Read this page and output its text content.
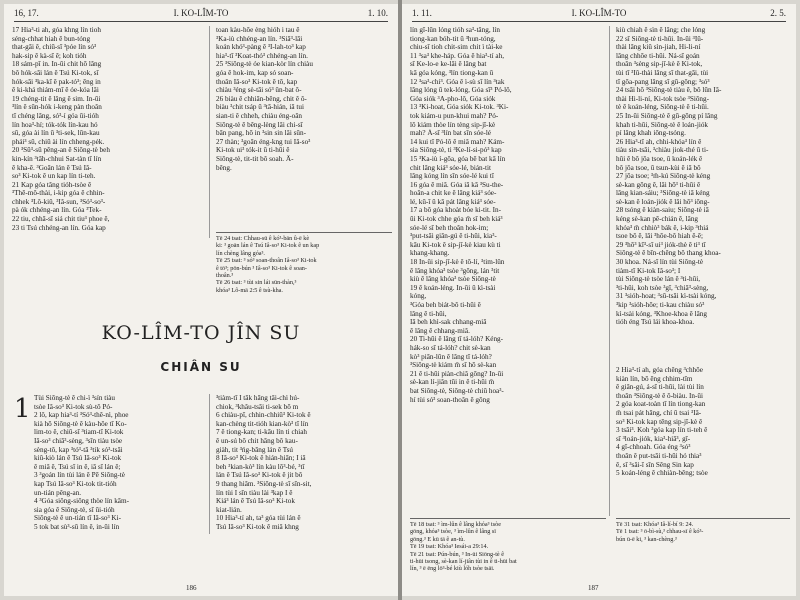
16, 17.	I. KO-LÎM-TO	1. 10.

17 Hia³-ti ah, góa khng lín tioh

séng-chhat hiah ê bun-tóng

that-gāi ê, chiū-sī ³póe lín só³

hak-sip ê kà-sī ê; koh tióh

18 sám-pī in. In-ūi chit hō lâng

bô hók-sāi lán ê Tsú Ki-tok, sī

hók-sāi ³ka-kī ê pak-tó³; ēng in

ê ki-khá thiám-mī ê óe-kóa lâi

19 chéng-tit ê lâng ê sim. In-ūi

³lín ê sūn-hók i-keng pàn thoân

tī chéng lâng, só³-í góa ūi-tióh

lín hoa³-hí; tók-tók lín-kau hó

sū, góa ài lín ū ³ti-sek, lūn-kau

phái³ sū, chiū ài lín chheng-pėk.

20 ³Sū³-sū pêng-an ê Siōng-tè beh

kin-kín ³tāh-chhui Sat-tàn tī lín

ê kha-ē. ³Goān lán ê Tsú Iâ-

so³ Ki-tok ê un kap lín ti-teh.

21 Kap góa tâng tióh-tsòe ê

³Thê-mô-thài, i-kip góa ê chhin-

chhek ³Lô-kiû, ³Iâ-sun, ³Só³-so³-

pà ók chhéng-an lín. Góa ³Tek-

22 tiu, chhā-sī siá chit tiu³ phoe ê,

23 ti Tsú chhéng-an lín. Góa kap

toan kàu-hōe èng hióh i tau ê

³Ka-iù chhéng-an lín. ³Siā³-lāi

koán khó³-pàng ê ³I-lah-to³ kap

hia³-tī ³Koat-thó³ chhéng-an lín.

25 ³Siōng-tè óe kian-kòr lín chiàu

góa ê hok-im, kap só soan-

thoân Iâ-so³ Ki-tok ê tō, kap

chiàu ³éng sè-tāi só³ ûn-bat ô-

26 biàu ê chhiān-bêng, chit ê ô-

biàu ³chit tsáp ū ³tā-hián, iā tui

sian-ti ê chheh, chiàu éng-oân

Siōng-tè ê bêng-lèng lâi chi-sī

bān pang, hō in ³sin sin lâi sūn-

27 thàn; ³goān éng-kng tui Iâ-so³

Ki-tok ui³ tók-it ū ti-hūi ê

Siōng-tè, tit-tit bô soah. Â-

bêng.

Tē 24 tsat: Chhau-sū ê kó³-bān û-ē kè

ki: ³ goān lán ê Tsú Iâ-so³ Ki-tok ê un kap

lín chèng lâng góa³.

Tē 25 tsat: ³ só³ soan-thoân Iâ-so³ Ki-tok

ê tō³; pōn-bún ³ Iâ-so³ Ki-tok ê soan-

thoân.³

Tē 26 tsat: ³ tùi sin lái sūn-thàn,³

khóa³ Lô-mā 2:5 ê tsù-kha.

KO-LÎM-TO JÎN SU
CHIÂN SU
1 Tùi Siōng-tè ê chi-ì ³sín tiàu

tsòe Iâ-so³ Ki-tok sù-tô Pó-

2 lô, kap hia³-tí ³Só³-thê-nì, phoe

kià hō Siōng-tè ê kàu-hōe tī Ko-

lim-to ê, chiū-sī ³tiam-tī Ki-tok

Iâ-so³ chiā³-sèng, ³sīn tiàu tsòe

sèng-tô, kap ³tó³-tā ³tik só³-tsāi

kiû-kiò lán ê Tsú Iâ-so³ Ki-tok

ê miâ ê, Tsú sī in ê, iā sī lán ê;

3 ³goán lín tùi lán ê Pē Siōng-tè

kap Tsú Iâ-so³ Ki-tok tit-tióh

un-tián pêng-an.

4 ³Góa siông-siông thòe lín kām-

sia góa ê Siōng-tè, sī ūi-tióh

Siōng-tè ê un-tián tī Iâ-so³ Ki-

5 tok bat sù³-sū lín ê, in-ūi lín

³tiàm-tī I tāk hāng tāi-chì hú-

chiok, ³khâu-tsāi ti-sek bō m

6 chiàu-pī, chhin-chhiū³ Ki-tok ê

kan-chèng tit-tióh kian-kò³ tī lín

7 ê tiong-kan; ti-kāu lín ti chiah

ê un-sú bō chit hāng bô kau-

giàh, tit ³ńg-bāng lán ê Tsú

8 Iâ-so³ Ki-tok ê hián-hiān; I iā

beh ³kian-kò³ lín kàu lō³-bé, ³tī

lán ê Tsú Iâ-so³ Ki-tok ê jit bô

9 thang hiâm. ³Siōng-tè sī sīn-sit,

lín tùi I sīn tiàu lài ³kap I ê

Kiá³ lán ê Tsú Iâ-so³ Ki-tok

kiat-lián.

10 Hia³-tí ah, ta³ góa tùi lán ê

Tsú Iâ-so³ Ki-tok ê miâ khng

186
1. 11.	I. KO-LÎM-TO	2. 5.

lín gī-lūn lóng tióh sa³-tâng, lín

tiong-kan bóh-tit ū ³hun-tóng,

chiu-sī tioh chit-sim chit ì tài-ke

11 ³sa³ khe-háp. Góa ê hia³-tí ah,

sī Ke-lo-e ke-lāi ê lâng bat

kā góa kóng, ³lín tiong-kan ū

12 ³sa³-chi³. Góa ê ì-sù sī lín ³tak

lâng lóng ū tek-lóng, Góa sī³ Pó-lô,

Góa siók ³A-pho-lô, Góa siók

13 ³Ki-hoat, Góa siók Ki-tok. ³Ki-

tok kiám-u pun-khui mah? Pó-

lô kiám thòe lín tèng sip-jī-kè

mah? Á-sī ³lín bat sīn sóe-lé

14 kui tī Pó-lô ê miâ mah? Kám-

sia Siōng-tè, ti ³Ke-lí-si-pó³ kap

15 ³Ka-iù í-gōa, góa bē bat kā lín

chit lâng kiá³ sóe-lé, bián-tit

lâng kóng lín sīn sóe-lé kui tī

16 góa ê miâ. Góa iā kā ³Su-the-

hoân-a chit ke ê lâng kiá³ sóe-

lé, kū-ī ū kā pát lâng kiá³ sóe-

17 a bô góa khoàt bóe ki-tit. In-

ūi Ki-tok chhe góa m̄ sī beh kiá³

sóe-lé sī beh thoân hok-im;

³put-tsāi giân-gú ê ti-hūi, kia³-

kāu Ki-tok ê sip-jī-kè kiau kù ti

khang-khang.

18 In-ūi sip-jī-kè ê tō-lí, ³tim-lûn

ê lâng khóa³ tsòe ³gōng, lán ³tit

kiù ê lâng khóa³ tsòe Siōng-tè

19 ê koán-léng. In-ūi ū kì-tsài

kóng,

³Góa beh biát-bô ti-hūi ê

lâng ê ti-hūi,

Iā beh khì-sak chhang-miâ

ê lâng ê chhang-miâ.

20 Ti-hūi ê lâng tī tá-lóh? Kéng-

hák-so sī tá-lóh? chit sè-kan

kò³ piān-lūn ê lâng tī tá-lóh?

³Siōng-tè kiám m̄ sī hō sè-kan

21 ê ti-hūi piàn-chiâ gōng? In-ūi

sè-kan lí-jiân tūi in ê ti-hūi m̄

bat Siōng-tè, Siōng-tè chiū hoa³-

hí tùi só³ soan-thoân ê gōng

kiù chiah ê sìn ê lâng; che lóng

22 sī Siōng-tè ti-hūi. In-ūi ³Iû-

thài lâng kiû sìn-jiah, Hi-li-ní

lâng chhōe ti-hūi. Ná-sī goán

thoân ³sèng sip-jī-kè ê Ki-tok,

tùi tī ³Iû-thài lâng sī that-gāi, tùi

tī gōa-pang lâng sī gū-gōng; ³só³

24 tsāi hō ³Siōng-tè tiàu ê, bô lūn Iâ-

thài Hi-li-ní, Ki-tok tsòe ³Siōng-

tè ê koán-léng, Siōng-tè ê ti-hūi.

25 In-ūi Siōng-tè ê gū-gōng pí lâng

khah ti-hūi, Siōng-tè ê loán-jiók

pí lâng khah iōng-tsóng.

26 Hia³-tī ah, chhi-khóa³ lín ê

tiàu sìn-tsāi, ³chiàu jiok-thé ū ti-

hūi ê bô jōa tsoe, ū koán-lék ê

bô jōa tsoe, ū tsun-kùi ê iā bô

27 jōa tsoe; ³m̄-kú Siōng-tè kéng

sè-kan gōng ê, lâi hō³ ti-hūi ê

lâng kian-sáiu; ³Siōng-tè iā kéng

sè-kan ê loán-jiók ê lâi hō³ iōng-

28 tsóng ê kiàn-saiu; Siōng-tè iā

kéng sè-kan pē-chián ê, lâng

khóa³ m̄ chhiò³ bák ê, i-kip ³thiá

tsoe bô ê, lâi ³hōe-bô hiah ê-ē;

29 ³hō³ kī³-sī ui³ jiók-thè ê ti³ tī

Siōng-tè ê bīn-chêng bô thang khoa-

30 khoa. Ná-sī lín tùi Siōng-tè

tiàm-tī Ki-tok Iâ-so³; I

tùi Siōng-tè tsòe lán ê ³ti-hūi,

³ti-hūi, koh tsòe ³gī, ³chiā³-sèng,

31 ³sióh-hoat; ³sū-tsāi kì-tsài kóng,

³kip ³sióh-hōe; ti-kau chiàu só³

kì-tsài kóng, ³Khoe-khoa ê lâng

tióh éng Tsú lái khoa-khoa.

2 Hia³-tí ah, góa chêng ³chhōe

kiàn lín, bō ēng chhim-tīm

ê giân-gú, á-sī ti-hūi, lài tùi lín

thoân ³Siōng-tè ê ô-biàu. In-ūi

2 góa koat-toàn tī lín tiong-kan

m̄ tsai pát hāng, chí ū tsai ³Iâ-

so³ Ki-tok kap tēng sip-jī-kè ê

3 tsāi³. Koh ³góa kap lín ti-teh ê

sī ³loán-jiók, kia³-hiā³, gī-

4 gī-chhoah. Góa éng ³só³

thoân ê put-tsāi ti-hūi hó thia³

ê, sī ³sǎi-ī sīn Sêng Sin kap

5 koán-léng ê chhiàn-bêng; tsòe

Tē 18 tsat: ³ ìm-lûn ê lâng khóa³ tsòe

gōng, khóa³ tsòe, ³ ìm-lûn ê lâng sī

gōng.³ E kū tā ê an-tù.

Tē 19 tsat: Khóa³ Iesái-a 29:14.

Tē 21 tsat: Pún-bún, ³ In-ūi Siōng-tè ê

ti-hūi tsong, sè-kan lí-jiân tùi in ê ti-hūi bat

lín, ³ ē ēng lō³-bé kiù lóh tsòe tsāi.

Tē 31 tsat: Khóa³ Iâ-lí-bí 9: 24.

Tē 1 tsat: ³ ō-bì-sù,³ chhau-sī ê kó³-

bún ū-ē ki, ³ kan-chèng.³

187
